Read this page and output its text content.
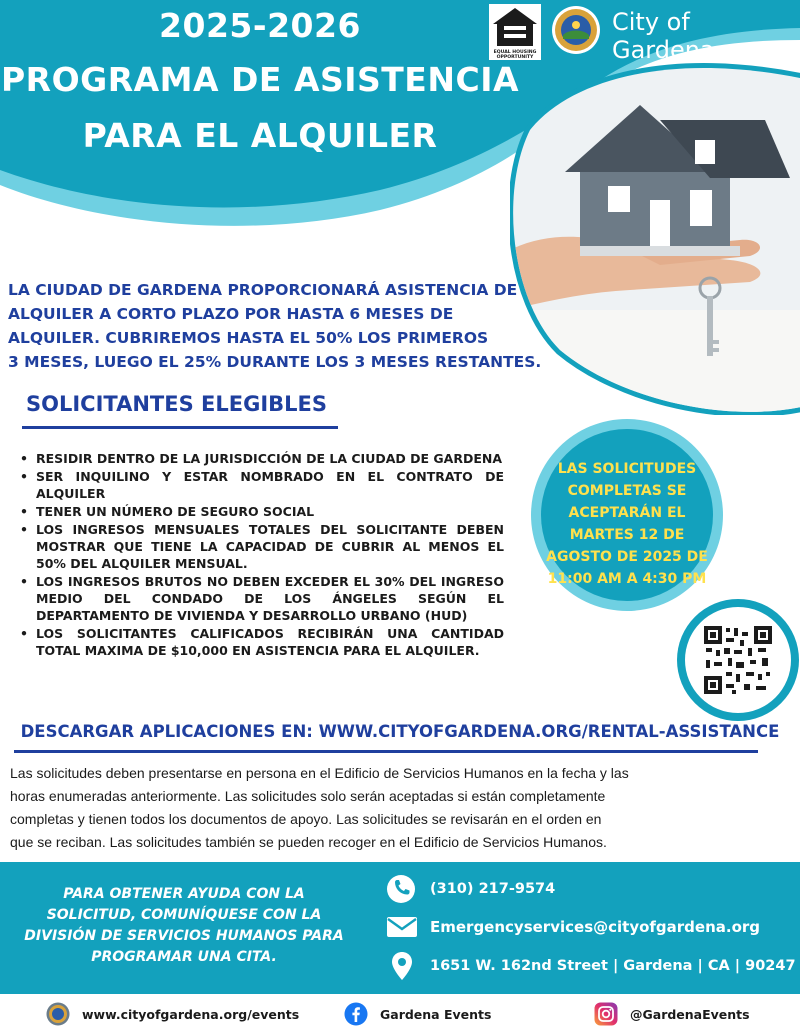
2025-2026
PROGRAMA DE ASISTENCIA
PARA EL ALQUILER
EQUAL HOUSING
OPPORTUNITY
City of Gardena
LA CIUDAD DE GARDENA PROPORCIONARÁ ASISTENCIA DE
ALQUILER A CORTO PLAZO POR HASTA 6 MESES DE
ALQUILER. CUBRIREMOS HASTA EL 50% LOS PRIMEROS
3 MESES, LUEGO EL 25% DURANTE LOS 3 MESES RESTANTES.
SOLICITANTES ELEGIBLES
• RESIDIR DENTRO DE LA JURISDICCIÓN DE LA CIUDAD DE GARDENA
• SER INQUILINO Y ESTAR NOMBRADO EN EL CONTRATO DE ALQUILER
• TENER UN NÚMERO DE SEGURO SOCIAL
• LOS INGRESOS MENSUALES TOTALES DEL SOLICITANTE DEBEN MOSTRAR QUE TIENE LA CAPACIDAD DE CUBRIR AL MENOS EL 50% DEL ALQUILER MENSUAL.
• LOS INGRESOS BRUTOS NO DEBEN EXCEDER EL 30% DEL INGRESO MEDIO DEL CONDADO DE LOS ÁNGELES SEGÚN EL DEPARTAMENTO DE VIVIENDA Y DESARROLLO URBANO (HUD)
• LOS SOLICITANTES CALIFICADOS RECIBIRÁN UNA CANTIDAD TOTAL MAXIMA DE $10,000 EN ASISTENCIA PARA EL ALQUILER.
LAS SOLICITUDES
COMPLETAS SE
ACEPTARÁN EL
MARTES 12 DE
AGOSTO DE 2025 DE
11:00 AM A 4:30 PM
DESCARGAR APLICACIONES EN: WWW.CITYOFGARDENA.ORG/RENTAL-ASSISTANCE
Las solicitudes deben presentarse en persona en el Edificio de Servicios Humanos en la fecha y las
horas enumeradas anteriormente. Las solicitudes solo serán aceptadas si están completamente
completas y tienen todos los documentos de apoyo. Las solicitudes se revisarán en el orden en
que se reciban. Las solicitudes también se pueden recoger en el Edificio de Servicios Humanos.
PARA OBTENER AYUDA CON LA
SOLICITUD, COMUNÍQUESE CON LA
DIVISIÓN DE SERVICIOS HUMANOS PARA
PROGRAMAR UNA CITA.
(310) 217-9574
Emergencyservices@cityofgardena.org
1651 W. 162nd Street | Gardena | CA | 90247
www.cityofgardena.org/events	Gardena Events	@GardenaEvents
